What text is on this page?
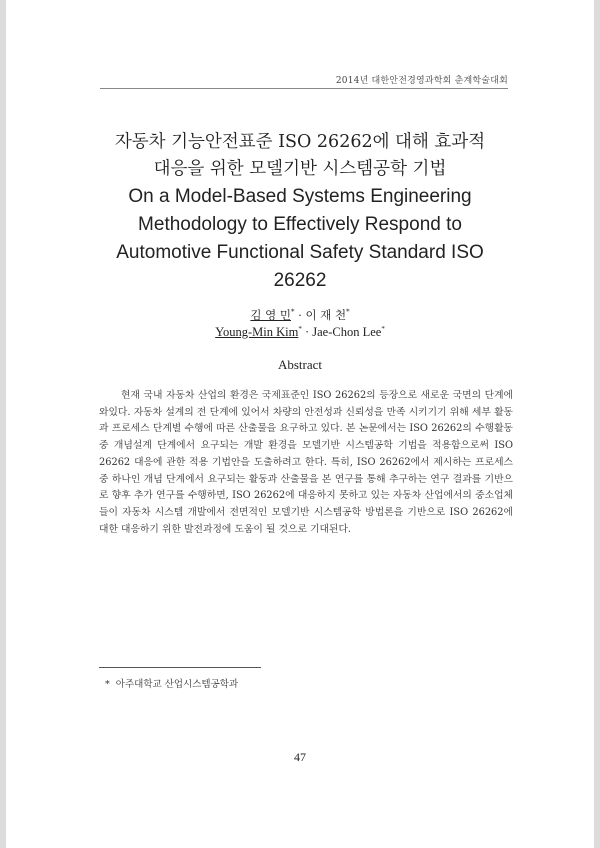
2014년 대한안전경영과학회 춘계학술대회
자동차 기능안전표준 ISO 26262에 대해 효과적
대응을 위한 모델기반 시스템공학 기법
On a Model-Based Systems Engineering
Methodology to Effectively Respond to
Automotive Functional Safety Standard ISO
26262
김 영 민* · 이 재 천*
Young-Min Kim* · Jae-Chon Lee*
Abstract
현재 국내 자동차 산업의 환경은 국제표준인 ISO 26262의 등장으로 새로운 국면의 단계에 와있다. 자동차 설계의 전 단계에 있어서 차량의 안전성과 신뢰성을 만족 시키기기 위해 세부 활동과 프로세스 단계별 수행에 따른 산출물을 요구하고 있다. 본 논문에서는 ISO 26262의 수행활동 중 개념설계 단계에서 요구되는 개발 환경을 모델기반 시스템공학 기법을 적용함으로써 ISO 26262 대응에 관한 적용 기법안을 도출하려고 한다. 특히, ISO 26262에서 제시하는 프로세스 중 하나인 개념 단계에서 요구되는 활동과 산출물을 본 연구를 통해 추구하는 연구 결과를 기반으로 향후 추가 연구를 수행하면, ISO 26262에 대응하지 못하고 있는 자동차 산업에서의 중소업체들이 자동차 시스템 개발에서 전면적인 모델기반 시스템공학 방법론을 기반으로 ISO 26262에 대한 대응하기 위한 발전과정에 도움이 될 것으로 기대된다.
* 아주대학교 산업시스템공학과
47
